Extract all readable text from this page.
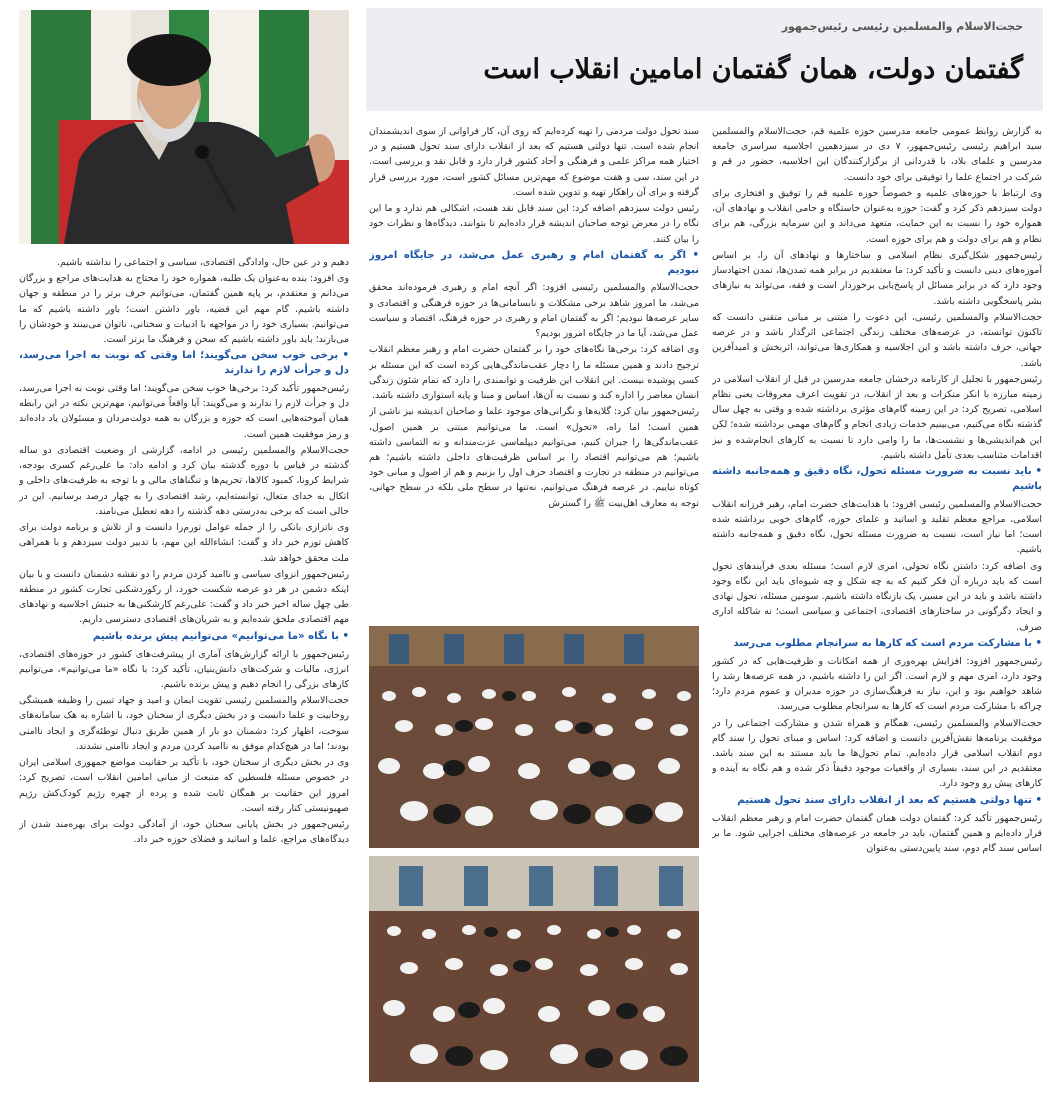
حجت‌الاسلام والمسلمین رئیسی رئیس‌جمهور
گفتمان دولت، همان گفتمان امامین انقلاب است

به گزارش روابط عمومی جامعه مدرسین حوزه علمیه قم، حجت‌الاسلام والمسلمین سید ابراهیم رئیسی رئیس‌جمهور، ۷ دی در سیزدهمین اجلاسیه سراسری جامعه مدرسین و علمای بلاد، با قدردانی از برگزارکنندگان این اجلاسیه، حضور در قم و شرکت در اجتماع علما را توفیقی برای خود دانست.

وی ارتباط با حوزه‌های علمیه و خصوصاً حوزه علمیه قم را توفیق و افتخاری برای دولت سیزدهم ذکر کرد و گفت: حوزه به‌عنوان خاستگاه و حامی انقلاب و نهادهای آن، همواره خود را نسبت به این حمایت، متعهد می‌داند و این سرمایه بزرگی، هم برای نظام و هم برای دولت و هم برای حوزه است.

رئیس‌جمهور شکل‌گیری نظام اسلامی و ساختارها و نهادهای آن را، بر اساس آموزه‌های دینی دانست و تأکید کرد: ما معتقدیم در برابر همه تمدن‌ها، تمدن اجتهادساز وجود دارد که در برابر مسائل از پاسخ‌یابی برخوردار است و فقه، می‌تواند به نیازهای بشر پاسخگویی داشته باشد.

حجت‌الاسلام والمسلمین رئیسی، این دعوت را مبتنی بر مبانی متقنی دانست که تاکنون توانسته، در عرصه‌های مختلف زندگی اجتماعی اثرگذار باشد و در عرصه جهانی، حرف داشته باشد و این اجلاسیه و همکاری‌ها می‌تواند، اثربخش و امیدآفرین باشد.

رئیس‌جمهور با تجلیل از کارنامه درخشان جامعه مدرسین در قبل از انقلاب اسلامی در زمینه مبارزه با انکر منکرات و بعد از انقلاب، در تقویت اعرف معروفات یعنی نظام اسلامی، تصریح کرد: در این زمینه گام‌های مؤثری برداشته شده و وقتی به چهل سال گذشته نگاه می‌کنیم، می‌بینیم خدمات زیادی انجام و گام‌های مهمی برداشته شده؛ لکن این هم‌اندیشی‌ها و نشست‌ها، ما را وامی دارد تا نسبت به کارهای انجام‌شده و نیز اقدامات متناسب بعدی تأمل داشته باشیم.

• باید نسبت به ضرورت مسئله تحول، نگاه دقیق و همه‌جانبه داشته باشیم

حجت‌الاسلام والمسلمین رئیسی افزود: با هدایت‌های حضرت امام، رهبر فرزانه انقلاب اسلامی، مراجع معظم تقلید و اساتید و علمای حوزه، گام‌های خوبی برداشته شده است؛ اما نیاز است، نسبت به ضرورت مسئله تحول، نگاه دقیق و همه‌جانبه داشته باشیم.

وی اضافه کرد: داشتن نگاه تحولی، امری لازم است؛ مسئله بعدی فرآیندهای تحول است که باید درباره آن فکر کنیم که به چه شکل و چه شیوه‌ای باید این نگاه وجود داشته باشد و باید در این مسیر، یک بازنگاه داشته باشیم. سومین مسئله، تحول نهادی و ایجاد دگرگونی در ساختارهای اقتصادی، اجتماعی و سیاسی است؛ نه شاکله اداری صرف.

• با مشارکت مردم است که کارها به سرانجام مطلوب می‌رسد

رئیس‌جمهور افزود: افزایش بهره‌وری از همه امکانات و ظرفیت‌هایی که در کشور وجود دارد، امری مهم و لازم است. اگر این را داشته باشیم، در همه عرصه‌ها رشد را شاهد خواهیم بود و این، نیاز به فرهنگ‌سازی در حوزه مدیران و عموم مردم دارد؛ چراکه با مشارکت مردم است که کارها به سرانجام مطلوب می‌رسد.

حجت‌الاسلام والمسلمین رئیسی، همگام و همراه شدن و مشارکت اجتماعی را در موفقیت برنامه‌ها نقش‌آفرین دانست و اضافه کرد: اساس و مبنای تحول را سند گام دوم انقلاب اسلامی قرار داده‌ایم. تمام تحول‌ها ما باید مستند به این سند باشد. معتقدیم در این سند، بسیاری از واقعیات موجود دقیقاً ذکر شده و هم نگاه به آینده و کارهای پیش رو وجود دارد.

• تنها دولتی هستیم که بعد از انقلاب دارای سند تحول هستیم

رئیس‌جمهور تأکید کرد: گفتمان دولت همان گفتمان حضرت امام و رهبر معظم انقلاب قرار داده‌ایم و همین گفتمان، باید در جامعه در عرصه‌های مختلف اجرایی شود. ما بر اساس سند گام دوم، سند پایین‌دستی به‌عنوان

سند تحول دولت مردمی را تهیه کرده‌ایم که روی آن، کار فراوانی از سوی اندیشمندان انجام شده است. تنها دولتی هستیم که بعد از انقلاب دارای سند تحول هستیم و در اختیار همه مراکز علمی و فرهنگی و آحاد کشور قرار دارد و قابل نقد و بررسی است. در این سند، سی و هفت موضوع که مهم‌ترین مسائل کشور است، مورد بررسی قرار گرفته و برای آن راهکار تهیه و تدوین شده است.

رئیس دولت سیزدهم اضافه کرد: این سند قابل نقد هست، اشکالی هم ندارد و ما این نگاه را در معرض توجه صاحبان اندیشه قرار داده‌ایم تا بتوانند، دیدگاه‌ها و نظرات خود را بیان کنند.

• اگر به گفتمان امام و رهبری عمل می‌شد، در جایگاه امروز نبودیم

حجت‌الاسلام والمسلمین رئیسی افزود: اگر آنچه امام و رهبری فرموده‌اند محقق می‌شد، ما امروز شاهد برخی مشکلات و نابسامانی‌ها در حوزه فرهنگی و اقتصادی و سایر عرصه‌ها نبودیم؛ اگر به گفتمان امام و رهبری در حوزه فرهنگ، اقتصاد و سیاست عمل می‌شد، آیا ما در جایگاه امروز بودیم؟

وی اضافه کرد: برخی‌ها نگاه‌های خود را بر گفتمان حضرت امام و رهبر معظم انقلاب ترجیح دادند و همین مسئله ما را دچار عقب‌ماندگی‌هایی کرده است که این مسئله بر کسی پوشیده نیست. این انقلاب این ظرفیت و توانمندی را دارد که تمام شئون زندگی انسان معاصر را اداره کند و نسبت به آن‌ها، اساس و مبنا و پایه استواری داشته باشد.

رئیس‌جمهور بیان کرد: گلایه‌ها و نگرانی‌های موجود علما و صاحبان اندیشه نیز ناشی از همین است؛ اما راه، «تحول» است. ما می‌توانیم مبتنی بر همین اصول، عقب‌ماندگی‌ها را جبران کنیم، می‌توانیم دیپلماسی عزت‌مندانه و نه التماسی داشته باشیم؛ هم می‌توانیم اقتصاد را بر اساس ظرفیت‌های داخلی داشته باشیم؛ هم می‌توانیم در منطقه در تجارت و اقتصاد حرف اول را بزنیم و هم از اصول و مبانی خود کوتاه نیاییم. در عرصه فرهنگ می‌توانیم، نه‌تنها در سطح ملی بلکه در سطح جهانی، توجه به معارف اهل‌بیت ﷺ را گسترش

دهیم و در عین حال، وادادگی اقتصادی، سیاسی و اجتماعی را نداشته باشیم.

وی افزود: بنده به‌عنوان یک طلبه، همواره خود را محتاج به هدایت‌های مراجع و بزرگان می‌دانم و معتقدم، بر پایه همین گفتمان، می‌توانیم حرف برتر را در منطقه و جهان داشته باشیم. گام مهم این قضیه، باور داشتن است؛ باور داشته باشیم که ما می‌توانیم. بسیاری خود را در مواجهه با ادبیات و سخنانی، ناتوان می‌بینند و خودشان را می‌بازند؛ باید باور داشته باشیم که سخن و فرهنگ ما برتر است.

• برخی خوب سخن می‌گویند؛ اما وقتی که نوبت به اجرا می‌رسد، دل و جرأت لازم را ندارند

رئیس‌جمهور تأکید کرد: برخی‌ها خوب سخن می‌گویند؛ اما وقتی نوبت به اجرا می‌رسد، دل و جرأت لازم را ندارند و می‌گویند: آیا واقعاً می‌توانیم، مهم‌ترین نکته در این رابطه همان آموخته‌هایی است که حوزه و بزرگان به همه دولت‌مردان و مسئولان یاد داده‌اند و رمز موفقیت همین است.

حجت‌الاسلام والمسلمین رئیسی در ادامه، گزارشی از وضعیت اقتصادی دو ساله گذشته در قیاس با دوره گذشته بیان کرد و ادامه داد: ما علی‌رغم کسری بودجه، شرایط کرونا، کمبود کالاها، تحریم‌ها و تنگناهای مالی و با توجه به ظرفیت‌های داخلی و اتکال به خدای متعال، توانسته‌ایم، رشد اقتصادی را به چهار درصد برسانیم. این در حالی است که برخی به‌درستی دهه گذشته را دهه تعطیل می‌نامند.

وی ناترازی بانکی را از جمله عوامل تورم‌زا دانست و از تلاش و برنامه دولت برای کاهش تورم خبر داد و گفت: انشاءالله این مهم، با تدبیر دولت سیزدهم و با همراهی ملت محقق خواهد شد.

رئیس‌جمهور انزوای سیاسی و ناامید کردن مردم را دو نقشه دشمنان دانست و با بیان اینکه دشمن در هر دو عرصه شکست خورد، از رکوردشکنی تجارت کشور در منطقه طی چهل ساله اخیر خبر داد و گفت: علی‌رغم کارشکنی‌ها به جنبش اجلاسیه و نهادهای مهم اقتصادی ملحق شده‌ایم و به شریان‌های اقتصادی دسترسی داریم.

• با نگاه «ما می‌توانیم» می‌توانیم پیش برنده باشیم

رئیس‌جمهور با ارائه گزارش‌های آماری از پیشرفت‌های کشور در حوزه‌های اقتصادی، انرژی، مالیات و شرکت‌های دانش‌بنیان، تأکید کرد: با نگاه «ما می‌توانیم»، می‌توانیم کارهای بزرگی را انجام دهیم و پیش برنده باشیم.

حجت‌الاسلام والمسلمین رئیسی تقویت ایمان و امید و جهاد تبیین را وظیفه همیشگی روحانیت و علما دانست و در بخش دیگری از سخنان خود، با اشاره به هک سامانه‌های سوخت، اظهار کرد: دشمنان دو بار از همین طریق دنبال توطئه‌گری و ایجاد ناامنی بودند؛ اما در هیچ‌کدام موفق به ناامید کردن مردم و ایجاد ناامنی نشدند.

وی در بخش دیگری از سخنان خود، با تأکید بر حقانیت مواضع جمهوری اسلامی ایران در خصوص مسئله فلسطین که منبعث از مبانی امامین انقلاب است، تصریح کرد: امروز این حقانیت بر همگان ثابت شده و پرده از چهره رژیم کودک‌کش رژیم صهیونیستی کنار رفته است.

رئیس‌جمهور در بخش پایانی سخنان خود، از آمادگی دولت برای بهره‌مند شدن از دیدگاه‌های مراجع، علما و اساتید و فضلای حوزه خبر داد.
